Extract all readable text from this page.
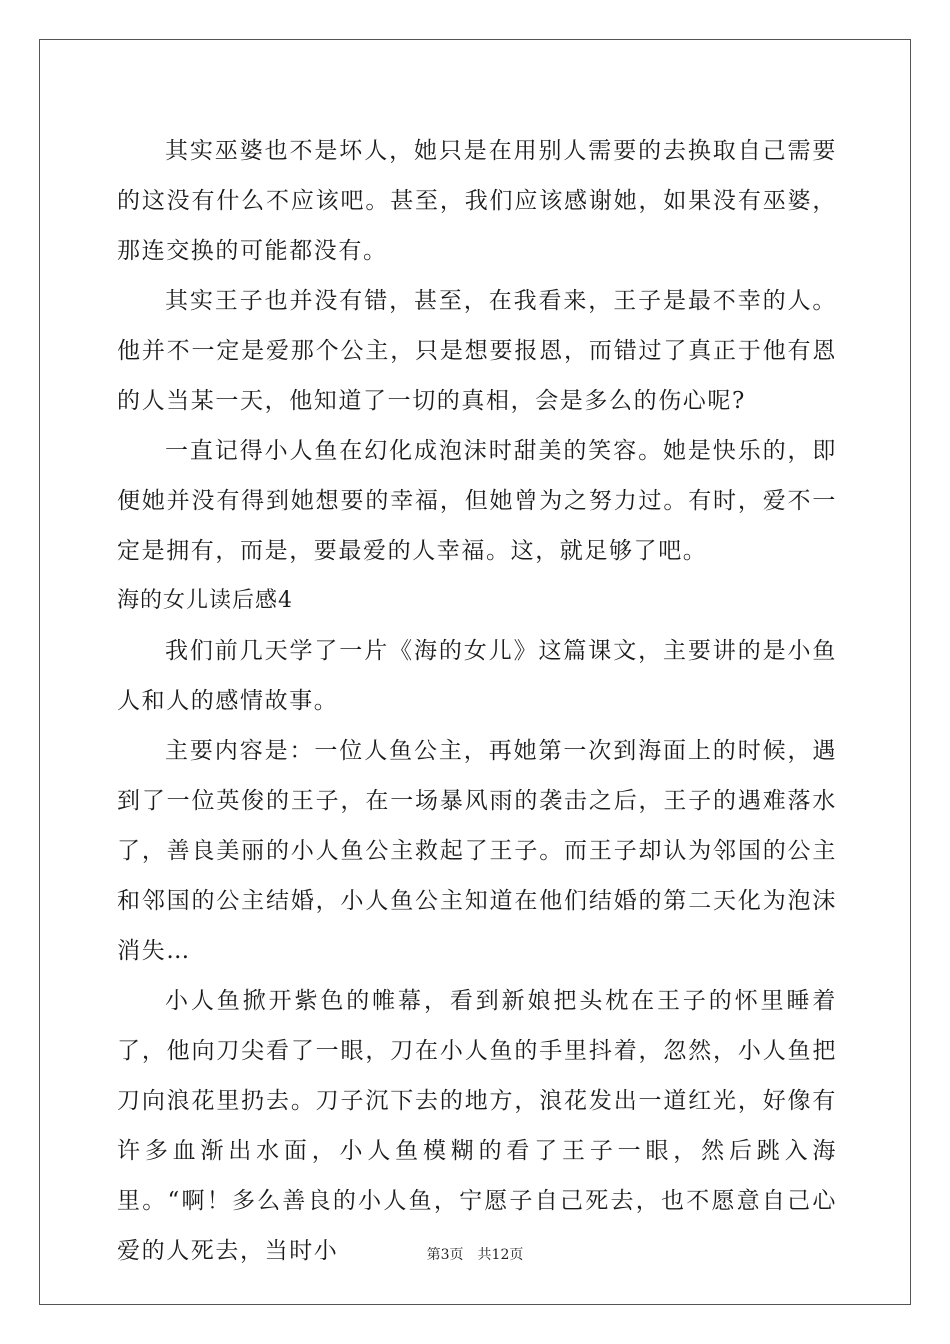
其实巫婆也不是坏人，她只是在用别人需要的去换取自己需要的这没有什么不应该吧。甚至，我们应该感谢她，如果没有巫婆，那连交换的可能都没有。

其实王子也并没有错，甚至，在我看来，王子是最不幸的人。他并不一定是爱那个公主，只是想要报恩，而错过了真正于他有恩的人当某一天，他知道了一切的真相，会是多么的伤心呢?

一直记得小人鱼在幻化成泡沫时甜美的笑容。她是快乐的，即便她并没有得到她想要的幸福，但她曾为之努力过。有时，爱不一定是拥有，而是，要最爱的人幸福。这，就足够了吧。

海的女儿读后感4

我们前几天学了一片《海的女儿》这篇课文，主要讲的是小鱼人和人的感情故事。

主要内容是：一位人鱼公主，再她第一次到海面上的时候，遇到了一位英俊的王子，在一场暴风雨的袭击之后，王子的遇难落水了，善良美丽的小人鱼公主救起了王子。而王子却认为邻国的公主和邻国的公主结婚，小人鱼公主知道在他们结婚的第二天化为泡沫消失…

小人鱼掀开紫色的帷幕，看到新娘把头枕在王子的怀里睡着了，他向刀尖看了一眼，刀在小人鱼的手里抖着，忽然，小人鱼把刀向浪花里扔去。刀子沉下去的地方，浪花发出一道红光，好像有许多血渐出水面，小人鱼模糊的看了王子一眼，然后跳入海里。“啊！多么善良的小人鱼，宁愿子自己死去，也不愿意自己心爱的人死去，当时小	第3页 共12页
